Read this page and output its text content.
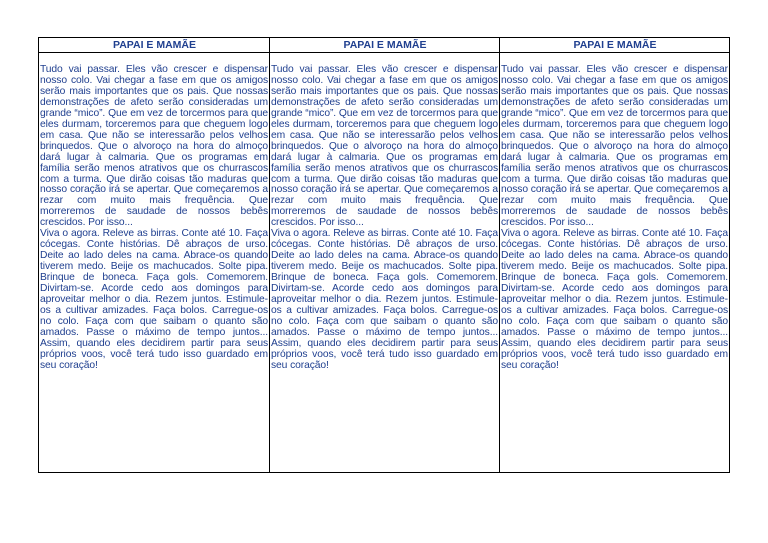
PAPAI E MAMÃE

Tudo vai passar. Eles vão crescer e dispensar nosso colo. Vai chegar a fase em que os amigos serão mais importantes que os pais. Que nossas demonstrações de afeto serão consideradas um grande “mico”. Que em vez de torcermos para que eles durmam, torceremos para que cheguem logo em casa. Que não se interessarão pelos velhos brinquedos. Que o alvoroço na hora do almoço dará lugar à calmaria. Que os programas em família serão menos atrativos que os churrascos com a turma. Que dirão coisas tão maduras que nosso coração irá se apertar. Que começaremos a rezar com muito mais frequência. Que morreremos de saudade de nossos bebês crescidos. Por isso...

Viva o agora. Releve as birras. Conte até 10. Faça cócegas. Conte histórias. Dê abraços de urso. Deite ao lado deles na cama. Abrace-os quando tiverem medo. Beije os machucados. Solte pipa. Brinque de boneca. Faça gols. Comemorem. Divirtam-se. Acorde cedo aos domingos para aproveitar melhor o dia. Rezem juntos. Estimule-os a cultivar amizades. Faça bolos. Carregue-os no colo. Faça com que saibam o quanto são amados. Passe o máximo de tempo juntos... Assim, quando eles decidirem partir para seus próprios voos, você terá tudo isso guardado em seu coração!

PAPAI E MAMÃE

Tudo vai passar. Eles vão crescer e dispensar nosso colo. Vai chegar a fase em que os amigos serão mais importantes que os pais. Que nossas demonstrações de afeto serão consideradas um grande “mico”. Que em vez de torcermos para que eles durmam, torceremos para que cheguem logo em casa. Que não se interessarão pelos velhos brinquedos. Que o alvoroço na hora do almoço dará lugar à calmaria. Que os programas em família serão menos atrativos que os churrascos com a turma. Que dirão coisas tão maduras que nosso coração irá se apertar. Que começaremos a rezar com muito mais frequência. Que morreremos de saudade de nossos bebês crescidos. Por isso...

Viva o agora. Releve as birras. Conte até 10. Faça cócegas. Conte histórias. Dê abraços de urso. Deite ao lado deles na cama. Abrace-os quando tiverem medo. Beije os machucados. Solte pipa. Brinque de boneca. Faça gols. Comemorem. Divirtam-se. Acorde cedo aos domingos para aproveitar melhor o dia. Rezem juntos. Estimule-os a cultivar amizades. Faça bolos. Carregue-os no colo. Faça com que saibam o quanto são amados. Passe o máximo de tempo juntos... Assim, quando eles decidirem partir para seus próprios voos, você terá tudo isso guardado em seu coração!

PAPAI E MAMÃE

Tudo vai passar. Eles vão crescer e dispensar nosso colo. Vai chegar a fase em que os amigos serão mais importantes que os pais. Que nossas demonstrações de afeto serão consideradas um grande “mico”. Que em vez de torcermos para que eles durmam, torceremos para que cheguem logo em casa. Que não se interessarão pelos velhos brinquedos. Que o alvoroço na hora do almoço dará lugar à calmaria. Que os programas em família serão menos atrativos que os churrascos com a turma. Que dirão coisas tão maduras que nosso coração irá se apertar. Que começaremos a rezar com muito mais frequência. Que morreremos de saudade de nossos bebês crescidos. Por isso...

Viva o agora. Releve as birras. Conte até 10. Faça cócegas. Conte histórias. Dê abraços de urso. Deite ao lado deles na cama. Abrace-os quando tiverem medo. Beije os machucados. Solte pipa. Brinque de boneca. Faça gols. Comemorem. Divirtam-se. Acorde cedo aos domingos para aproveitar melhor o dia. Rezem juntos. Estimule-os a cultivar amizades. Faça bolos. Carregue-os no colo. Faça com que saibam o quanto são amados. Passe o máximo de tempo juntos... Assim, quando eles decidirem partir para seus próprios voos, você terá tudo isso guardado em seu coração!
